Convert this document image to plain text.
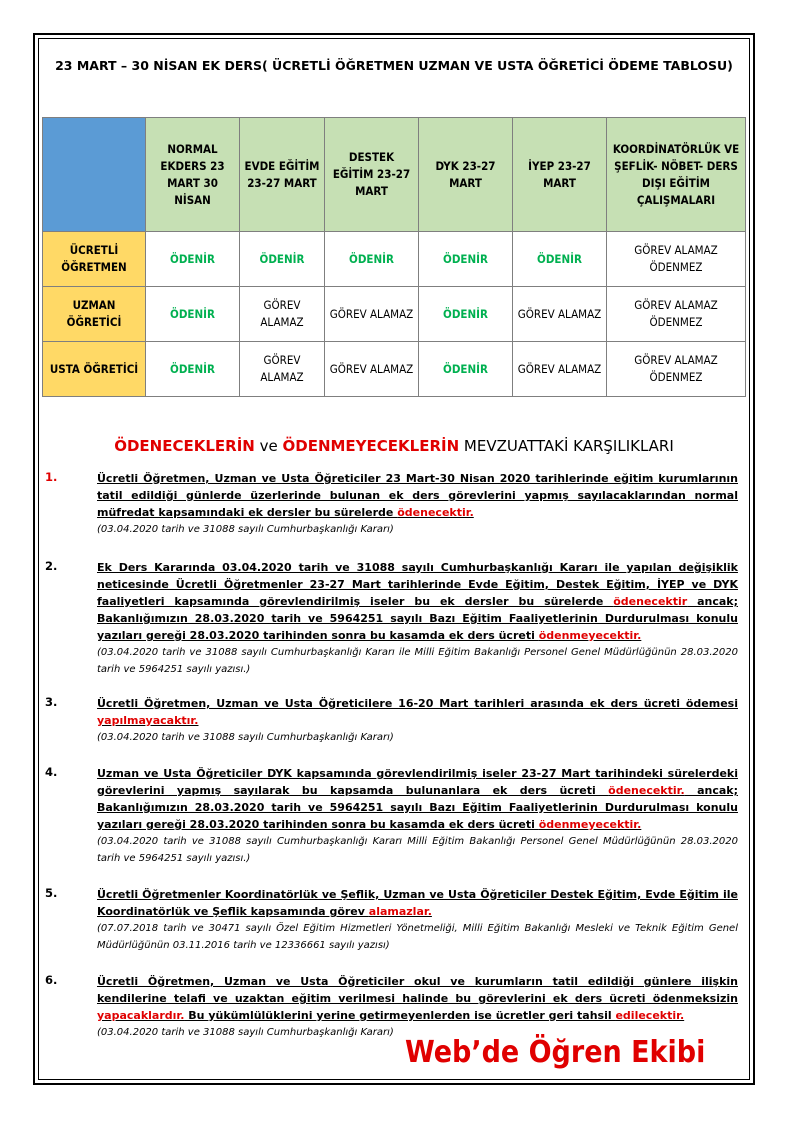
23 MART – 30 NİSAN EK DERS( ÜCRETLİ ÖĞRETMEN UZMAN VE USTA ÖĞRETİCİ ÖDEME TABLOSU)
	NORMAL EKDERS 23 MART 30 NİSAN	EVDE EĞİTİM 23-27 MART	DESTEK EĞİTİM 23-27 MART	DYK 23-27 MART	İYEP 23-27 MART	KOORDİNATÖRLÜK VE ŞEFLİK- NÖBET- DERS DIŞI EĞİTİM ÇALIŞMALARI
ÜCRETLİ ÖĞRETMEN	ÖDENİR	ÖDENİR	ÖDENİR	ÖDENİR	ÖDENİR	GÖREV ALAMAZ ÖDENMEZ
UZMAN ÖĞRETİCİ	ÖDENİR	GÖREV ALAMAZ	GÖREV ALAMAZ	ÖDENİR	GÖREV ALAMAZ	GÖREV ALAMAZ ÖDENMEZ
USTA ÖĞRETİCİ	ÖDENİR	GÖREV ALAMAZ	GÖREV ALAMAZ	ÖDENİR	GÖREV ALAMAZ	GÖREV ALAMAZ ÖDENMEZ
ÖDENECEKLERİN ve ÖDENMEYECEKLERİN MEVZUATTAKİ KARŞILIKLARI
1.	Ücretli Öğretmen, Uzman ve Usta Öğreticiler 23 Mart-30 Nisan 2020 tarihlerinde eğitim kurumlarının tatil edildiği günlerde üzerlerinde bulunan ek ders görevlerini yapmış sayılacaklarından normal müfredat kapsamındaki ek dersler bu sürelerde ödenecektir.
(03.04.2020 tarih ve 31088 sayılı Cumhurbaşkanlığı Kararı)
2.	Ek Ders Kararında 03.04.2020 tarih ve 31088 sayılı Cumhurbaşkanlığı Kararı ile yapılan değişiklik neticesinde Ücretli Öğretmenler 23-27 Mart tarihlerinde Evde Eğitim, Destek Eğitim, İYEP ve DYK faaliyetleri kapsamında görevlendirilmiş iseler bu ek dersler bu sürelerde ödenecektir ancak; Bakanlığımızın 28.03.2020 tarih ve 5964251 sayılı Bazı Eğitim Faaliyetlerinin Durdurulması konulu yazıları gereği 28.03.2020 tarihinden sonra bu kasamda ek ders ücreti ödenmeyecektir.
(03.04.2020 tarih ve 31088 sayılı Cumhurbaşkanlığı Kararı ile Milli Eğitim Bakanlığı Personel Genel Müdürlüğünün 28.03.2020 tarih ve 5964251 sayılı yazısı.)
3.	Ücretli Öğretmen, Uzman ve Usta Öğreticilere 16-20 Mart tarihleri arasında ek ders ücreti ödemesi yapılmayacaktır.
(03.04.2020 tarih ve 31088 sayılı Cumhurbaşkanlığı Kararı)
4.	Uzman ve Usta Öğreticiler DYK kapsamında görevlendirilmiş iseler 23-27 Mart tarihindeki sürelerdeki görevlerini yapmış sayılarak bu kapsamda bulunanlara ek ders ücreti ödenecektir. ancak; Bakanlığımızın 28.03.2020 tarih ve 5964251 sayılı Bazı Eğitim Faaliyetlerinin Durdurulması konulu yazıları gereği 28.03.2020 tarihinden sonra bu kasamda ek ders ücreti ödenmeyecektir.
(03.04.2020 tarih ve 31088 sayılı Cumhurbaşkanlığı Kararı Milli Eğitim Bakanlığı Personel Genel Müdürlüğünün 28.03.2020 tarih ve 5964251 sayılı yazısı.)
5.	Ücretli Öğretmenler Koordinatörlük ve Şeflik, Uzman ve Usta Öğreticiler Destek Eğitim, Evde Eğitim ile Koordinatörlük ve Şeflik kapsamında görev alamazlar.
(07.07.2018 tarih ve 30471 sayılı Özel Eğitim Hizmetleri Yönetmeliği, Milli Eğitim Bakanlığı Mesleki ve Teknik Eğitim Genel Müdürlüğünün 03.11.2016 tarih ve 12336661 sayılı yazısı)
6.	Ücretli Öğretmen, Uzman ve Usta Öğreticiler okul ve kurumların tatil edildiği günlere ilişkin kendilerine telafi ve uzaktan eğitim verilmesi halinde bu görevlerini ek ders ücreti ödenmeksizin yapacaklardır. Bu yükümlülüklerini yerine getirmeyenlerden ise ücretler geri tahsil edilecektir.
(03.04.2020 tarih ve 31088 sayılı Cumhurbaşkanlığı Kararı)
Web’de Öğren Ekibi
